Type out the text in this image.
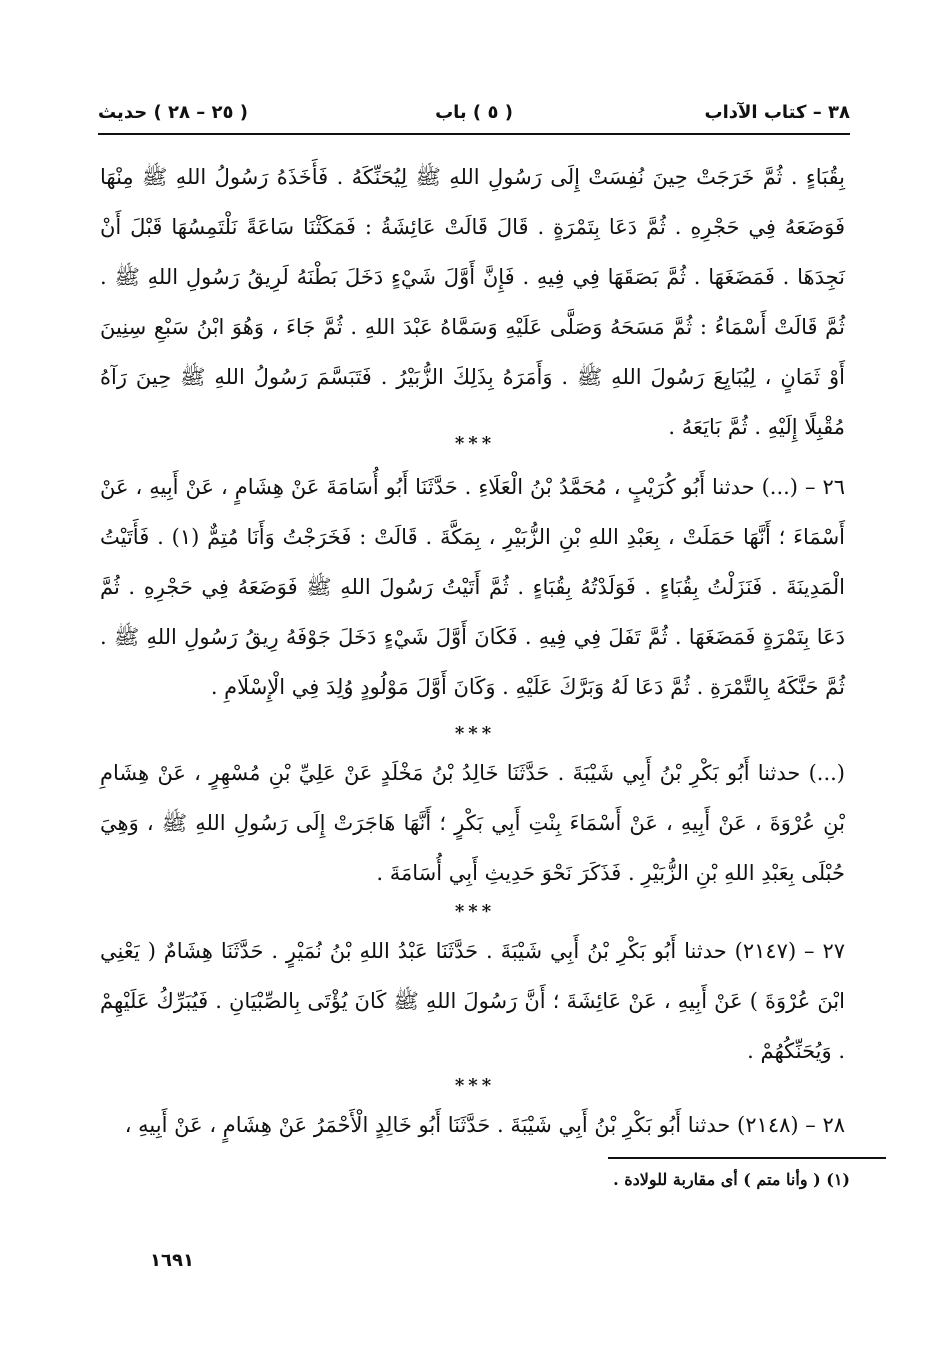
٣٨ – كتاب الآداب
( ٥ ) باب
( ٢٥ – ٢٨ ) حديث
بِقُبَاءٍ . ثُمَّ خَرَجَتْ حِينَ نُفِسَتْ إِلَى رَسُولِ اللهِ ﷺ لِيُحَنِّكَهُ . فَأَخَذَهُ رَسُولُ اللهِ ﷺ مِنْهَا فَوَضَعَهُ فِي حَجْرِهِ . ثُمَّ دَعَا بِتَمْرَةٍ . قَالَ قَالَتْ عَائِشَةُ : فَمَكَثْنَا سَاعَةً نَلْتَمِسُهَا قَبْلَ أَنْ نَجِدَهَا . فَمَضَغَهَا . ثُمَّ بَصَقَهَا فِي فِيهِ . فَإِنَّ أَوَّلَ شَيْءٍ دَخَلَ بَطْنَهُ لَرِيقُ رَسُولِ اللهِ ﷺ . ثُمَّ قَالَتْ أَسْمَاءُ : ثُمَّ مَسَحَهُ وَصَلَّى عَلَيْهِ وَسَمَّاهُ عَبْدَ اللهِ . ثُمَّ جَاءَ ، وَهُوَ ابْنُ سَبْعِ سِنِينَ أَوْ ثَمَانٍ ، لِيُبَايِعَ رَسُولَ اللهِ ﷺ . وَأَمَرَهُ بِذَلِكَ الزُّبَيْرُ . فَتَبَسَّمَ رَسُولُ اللهِ ﷺ حِينَ رَآهُ مُقْبِلًا إِلَيْهِ . ثُمَّ بَايَعَهُ .
***
٢٦ – (...) حدثنا أَبُو كُرَيْبٍ ، مُحَمَّدُ بْنُ الْعَلَاءِ . حَدَّثَنَا أَبُو أُسَامَةَ عَنْ هِشَامٍ ، عَنْ أَبِيهِ ، عَنْ أَسْمَاءَ ؛ أَنَّهَا حَمَلَتْ ، بِعَبْدِ اللهِ بْنِ الزُّبَيْرِ ، بِمَكَّةَ . قَالَتْ : فَخَرَجْتُ وَأَنَا مُتِمٌّ (١) . فَأَتَيْتُ الْمَدِينَةَ . فَنَزَلْتُ بِقُبَاءٍ . فَوَلَدْتُهُ بِقُبَاءٍ . ثُمَّ أَتَيْتُ رَسُولَ اللهِ ﷺ فَوَضَعَهُ فِي حَجْرِهِ . ثُمَّ دَعَا بِتَمْرَةٍ فَمَضَغَهَا . ثُمَّ تَفَلَ فِي فِيهِ . فَكَانَ أَوَّلَ شَيْءٍ دَخَلَ جَوْفَهُ رِيقُ رَسُولِ اللهِ ﷺ . ثُمَّ حَنَّكَهُ بِالتَّمْرَةِ . ثُمَّ دَعَا لَهُ وَبَرَّكَ عَلَيْهِ . وَكَانَ أَوَّلَ مَوْلُودٍ وُلِدَ فِي الْإِسْلَامِ .
***
(...) حدثنا أَبُو بَكْرِ بْنُ أَبِي شَيْبَةَ . حَدَّثَنَا خَالِدُ بْنُ مَخْلَدٍ عَنْ عَلِيِّ بْنِ مُسْهِرٍ ، عَنْ هِشَامِ بْنِ عُرْوَةَ ، عَنْ أَبِيهِ ، عَنْ أَسْمَاءَ بِنْتِ أَبِي بَكْرٍ ؛ أَنَّهَا هَاجَرَتْ إِلَى رَسُولِ اللهِ ﷺ ، وَهِيَ حُبْلَى بِعَبْدِ اللهِ بْنِ الزُّبَيْرِ . فَذَكَرَ نَحْوَ حَدِيثِ أَبِي أُسَامَةَ .
***
٢٧ – (٢١٤٧) حدثنا أَبُو بَكْرِ بْنُ أَبِي شَيْبَةَ . حَدَّثَنَا عَبْدُ اللهِ بْنُ نُمَيْرٍ . حَدَّثَنَا هِشَامٌ ( يَعْنِي ابْنَ عُرْوَةَ ) عَنْ أَبِيهِ ، عَنْ عَائِشَةَ ؛ أَنَّ رَسُولَ اللهِ ﷺ كَانَ يُؤْتَى بِالصِّبْيَانِ . فَيُبَرِّكُ عَلَيْهِمْ . وَيُحَنِّكُهُمْ .
***
٢٨ – (٢١٤٨) حدثنا أَبُو بَكْرِ بْنُ أَبِي شَيْبَةَ . حَدَّثَنَا أَبُو خَالِدٍ الْأَحْمَرُ عَنْ هِشَامٍ ، عَنْ أَبِيهِ ،
(١) ( وأنا متم ) أى مقاربة للولادة .
١٦٩١
